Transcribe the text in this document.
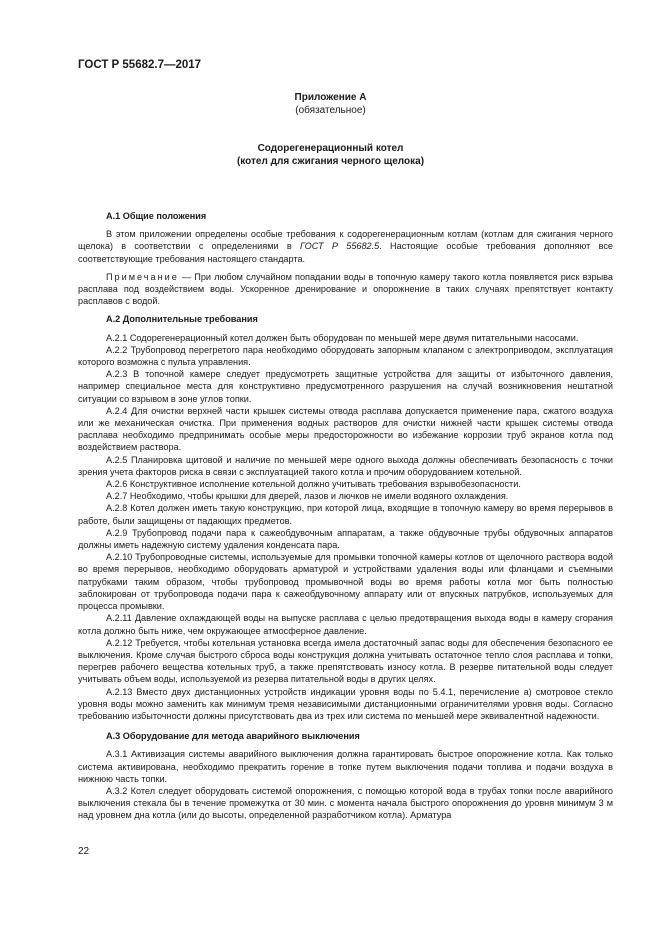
ГОСТ Р 55682.7—2017
Приложение А
(обязательное)
Содорегенерационный котел
(котел для сжигания черного щелока)
А.1 Общие положения

В этом приложении определены особые требования к содорегенерационным котлам (котлам для сжигания черного щелока) в соответствии с определениями в ГОСТ Р 55682.5. Настоящие особые требования дополняют все соответствующие требования настоящего стандарта.

Примечание — При любом случайном попадании воды в топочную камеру такого котла появляется риск взрыва расплава под воздействием воды. Ускоренное дренирование и опорожнение в таких случаях препятствует контакту расплавов с водой.

А.2 Дополнительные требования

А.2.1 Содорегенерационный котел должен быть оборудован по меньшей мере двумя питательными насосами.

А.2.2 Трубопровод перегретого пара необходимо оборудовать запорным клапаном с электроприводом, эксплуатация которого возможна с пульта управления.

А.2.3 В топочной камере следует предусмотреть защитные устройства для защиты от избыточного давления, например специальное места для конструктивно предусмотренного разрушения на случай возникновения нештатной ситуации со взрывом в зоне углов топки.

А.2.4 Для очистки верхней части крышек системы отвода расплава допускается применение пара, сжатого воздуха или же механическая очистка. При применения водных растворов для очистки нижней части крышек системы отвода расплава необходимо предпринимать особые меры предосторожности во избежание коррозии труб экранов котла под воздействием раствора.

А.2.5 Планировка щитовой и наличие по меньшей мере одного выхода должны обеспечивать безопасность с точки зрения учета факторов риска в связи с эксплуатацией такого котла и прочим оборудованием котельной.

А.2.6 Конструктивное исполнение котельной должно учитывать требования взрывобезопасности.

А.2.7 Необходимо, чтобы крышки для дверей, лазов и лючков не имели водяного охлаждения.

А.2.8 Котел должен иметь такую конструкцию, при которой лица, входящие в топочную камеру во время перерывов в работе, были защищены от падающих предметов.

А.2.9 Трубопровод подачи пара к сажеобдувочным аппаратам, а также обдувочные трубы обдувочных аппаратов должны иметь надежную систему удаления конденсата пара.

А.2.10 Трубопроводные системы, используемые для промывки топочной камеры котлов от щелочного раствора водой во время перерывов, необходимо оборудовать арматурой и устройствами удаления воды или фланцами и съемными патрубками таким образом, чтобы трубопровод промывочной воды во время работы котла мог быть полностью заблокирован от трубопровода подачи пара к сажеобдувочному аппарату или от впускных патрубков, используемых для процесса промывки.

А.2.11 Давление охлаждающей воды на выпуске расплава с целью предотвращения выхода воды в камеру сгорания котла должно быть ниже, чем окружающее атмосферное давление.

А.2.12 Требуется, чтобы котельная установка всегда имела достаточный запас воды для обеспечения безопасного ее выключения. Кроме случая быстрого сброса воды конструкция должна учитывать остаточное тепло слоя расплава и топки, перегрев рабочего вещества котельных труб, а также препятствовать износу котла. В резерве питательной воды следует учитывать объем воды, используемой из резерва питательной воды в других целях.

А.2.13 Вместо двух дистанционных устройств индикации уровня воды по 5.4.1, перечисление а) смотровое стекло уровня воды можно заменить как минимум тремя независимыми дистанционными ограничителями уровня воды. Согласно требованию избыточности должны присутствовать два из трех или система по меньшей мере эквивалентной надежности.

А.3 Оборудование для метода аварийного выключения

А.3.1 Активизация системы аварийного выключения должна гарантировать быстрое опорожнение котла. Как только система активирована, необходимо прекратить горение в топке путем выключения подачи топлива и подачи воздуха в нижнюю часть топки.

А.3.2 Котел следует оборудовать системой опорожнения, с помощью которой вода в трубах топки после аварийного выключения стекала бы в течение промежутка от 30 мин. с момента начала быстрого опорожнения до уровня минимум 3 м над уровнем дна котла (или до высоты, определенной разработчиком котла). Арматура

22
